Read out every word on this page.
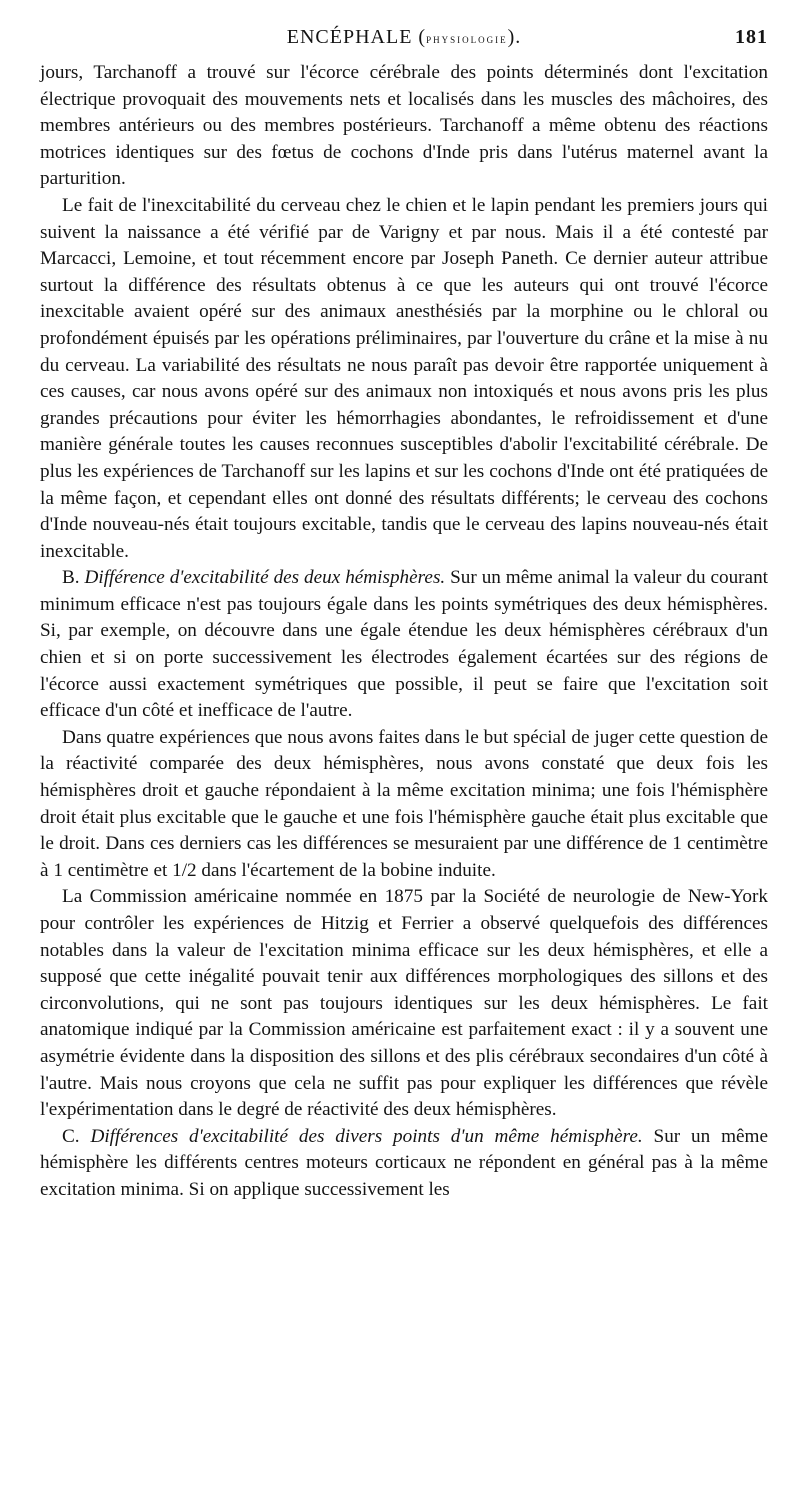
ENCÉPHALE (physiologie).	181

jours, Tarchanoff a trouvé sur l'écorce cérébrale des points déterminés dont l'excitation électrique provoquait des mouvements nets et localisés dans les muscles des mâchoires, des membres antérieurs ou des membres postérieurs. Tarchanoff a même obtenu des réactions motrices identiques sur des fœtus de cochons d'Inde pris dans l'utérus maternel avant la parturition.

Le fait de l'inexcitabilité du cerveau chez le chien et le lapin pendant les premiers jours qui suivent la naissance a été vérifié par de Varigny et par nous. Mais il a été contesté par Marcacci, Lemoine, et tout récemment encore par Joseph Paneth. Ce dernier auteur attribue surtout la différence des résultats obtenus à ce que les auteurs qui ont trouvé l'écorce inexcitable avaient opéré sur des animaux anesthésiés par la morphine ou le chloral ou profondément épuisés par les opérations préliminaires, par l'ouverture du crâne et la mise à nu du cerveau. La variabilité des résultats ne nous paraît pas devoir être rapportée uniquement à ces causes, car nous avons opéré sur des animaux non intoxiqués et nous avons pris les plus grandes précautions pour éviter les hémorrhagies abondantes, le refroidissement et d'une manière générale toutes les causes reconnues susceptibles d'abolir l'excitabilité cérébrale. De plus les expériences de Tarchanoff sur les lapins et sur les cochons d'Inde ont été pratiquées de la même façon, et cependant elles ont donné des résultats différents; le cerveau des cochons d'Inde nouveau-nés était toujours excitable, tandis que le cerveau des lapins nouveau-nés était inexcitable.

B. Différence d'excitabilité des deux hémisphères. Sur un même animal la valeur du courant minimum efficace n'est pas toujours égale dans les points symétriques des deux hémisphères. Si, par exemple, on découvre dans une égale étendue les deux hémisphères cérébraux d'un chien et si on porte successivement les électrodes également écartées sur des régions de l'écorce aussi exactement symétriques que possible, il peut se faire que l'excitation soit efficace d'un côté et inefficace de l'autre.

Dans quatre expériences que nous avons faites dans le but spécial de juger cette question de la réactivité comparée des deux hémisphères, nous avons constaté que deux fois les hémisphères droit et gauche répondaient à la même excitation minima; une fois l'hémisphère droit était plus excitable que le gauche et une fois l'hémisphère gauche était plus excitable que le droit. Dans ces derniers cas les différences se mesuraient par une différence de 1 centimètre à 1 centimètre et 1/2 dans l'écartement de la bobine induite.

La Commission américaine nommée en 1875 par la Société de neurologie de New-York pour contrôler les expériences de Hitzig et Ferrier a observé quelquefois des différences notables dans la valeur de l'excitation minima efficace sur les deux hémisphères, et elle a supposé que cette inégalité pouvait tenir aux différences morphologiques des sillons et des circonvolutions, qui ne sont pas toujours identiques sur les deux hémisphères. Le fait anatomique indiqué par la Commission américaine est parfaitement exact : il y a souvent une asymétrie évidente dans la disposition des sillons et des plis cérébraux secondaires d'un côté à l'autre. Mais nous croyons que cela ne suffit pas pour expliquer les différences que révèle l'expérimentation dans le degré de réactivité des deux hémisphères.

C. Différences d'excitabilité des divers points d'un même hémisphère. Sur un même hémisphère les différents centres moteurs corticaux ne répondent en général pas à la même excitation minima. Si on applique successivement les
